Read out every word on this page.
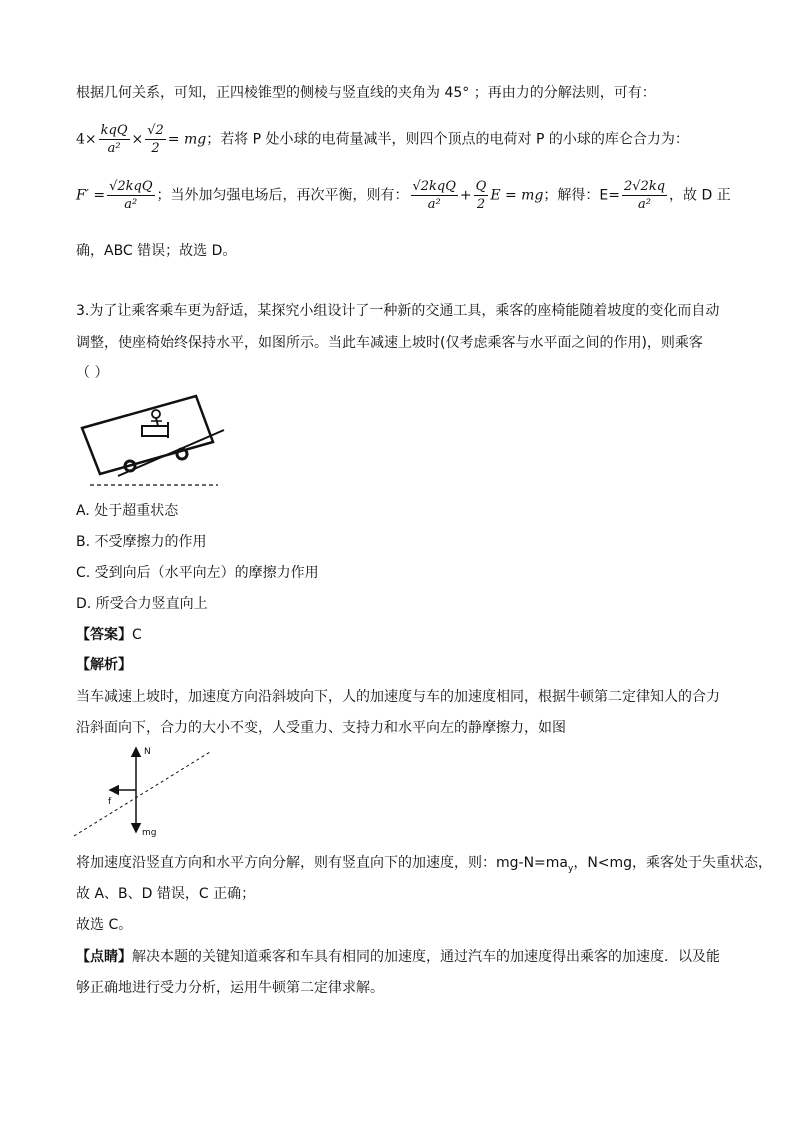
根据几何关系，可知，正四棱锥型的侧棱与竖直线的夹角为 45° ；再由力的分解法则，可有：
$4\times \frac{\text{kqQ}}{\text{a²}} \times \frac{√2}{2}$ = mg；若将 P 处小球的电荷量减半，则四个顶点的电荷对 P 的小球的库仑合力为：
$F' = \frac{\text{√2kqQ}}{\text{a²}}$ ；当外加匀强电场后，再次平衡，则有： $\frac{\text{√2kqQ}}{\text{a²}} + \frac{Q}{2}$ E = mg；解得：$E= \frac{2√2kq}{\text{a²}}$ ，故 D 正
确，ABC 错误；故选 D。
3.为了让乘客乘车更为舒适，某探究小组设计了一种新的交通工具，乘客的座椅能随着坡度的变化而自动
调整，使座椅始终保持水平，如图所示。当此车减速上坡时(仅考虑乘客与水平面之间的作用)，则乘客
（ ）
A. 处于超重状态
B. 不受摩擦力的作用
C. 受到向后（水平向左）的摩擦力作用
D. 所受合力竖直向上
【答案】C
【解析】
当车减速上坡时，加速度方向沿斜坡向下，人的加速度与车的加速度相同，根据牛顿第二定律知人的合力
沿斜面向下，合力的大小不变，人受重力、支持力和水平向左的静摩擦力，如图
N
mg
f
将加速度沿竖直方向和水平方向分解，则有竖直向下的加速度，则：$mg-N=ma_y$，N<mg，乘客处于失重状态，
故 A、B、D 错误，C 正确；
故选 C。
【点睛】解决本题的关键知道乘客和车具有相同的加速度，通过汽车的加速度得出乘客的加速度．以及能
够正确地进行受力分析，运用牛顿第二定律求解。
